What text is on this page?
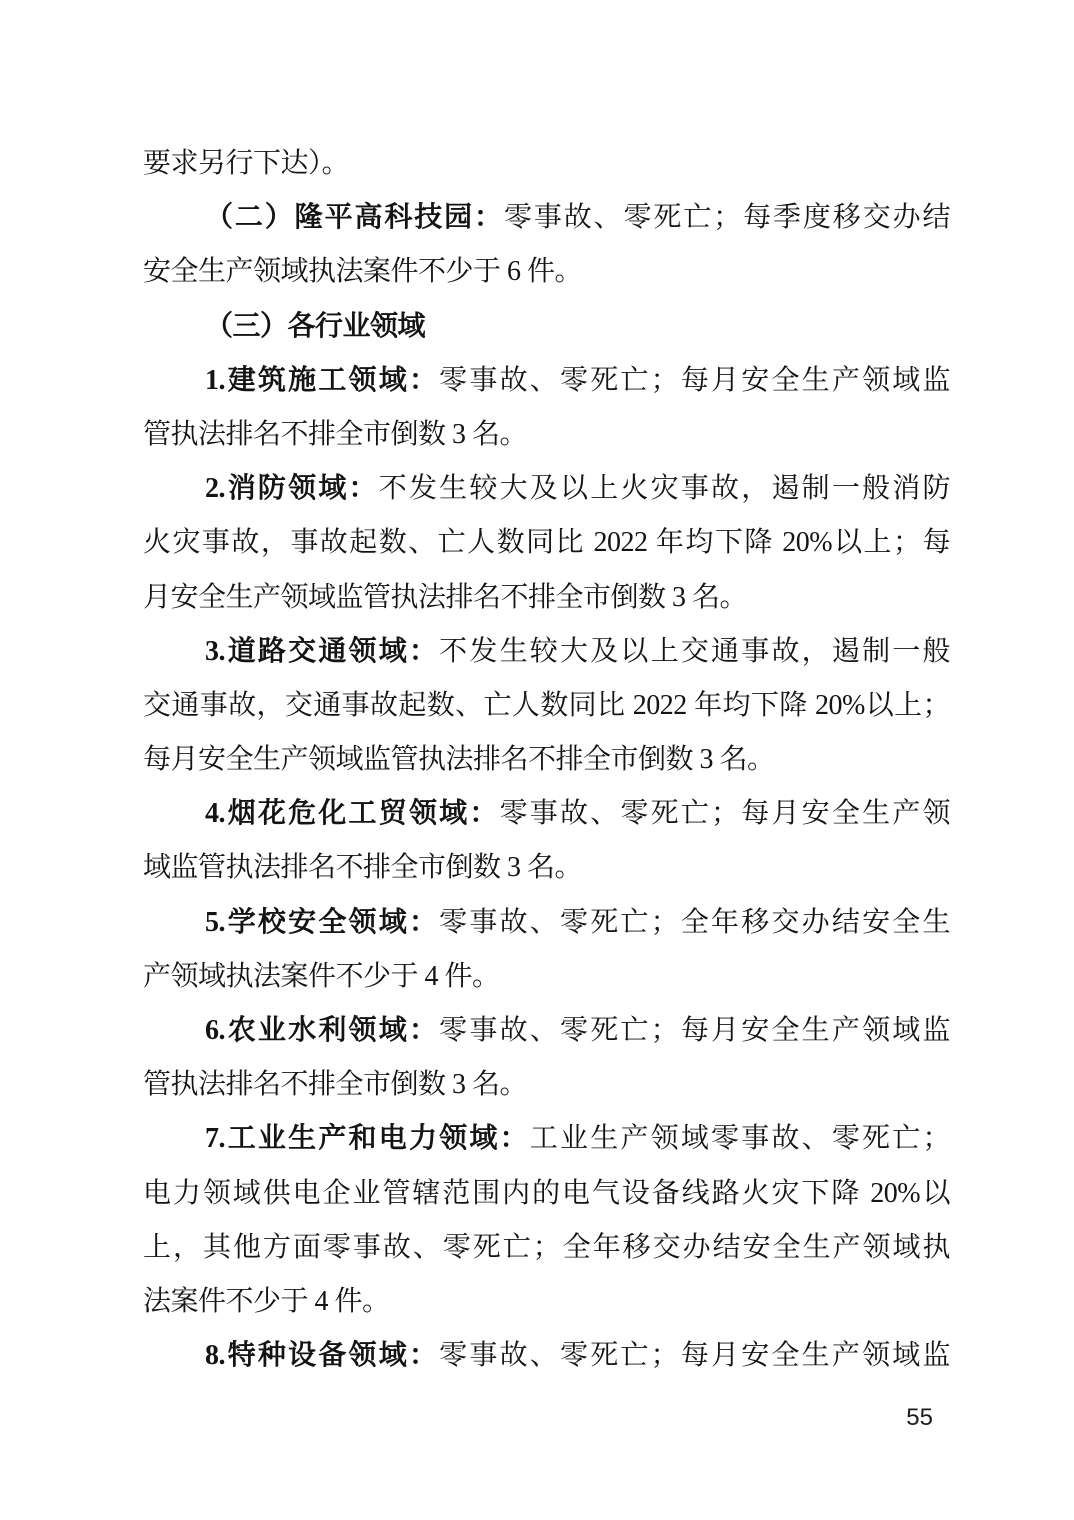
要求另行下达）。
（二）隆平高科技园：零事故、零死亡；每季度移交办结
安全生产领域执法案件不少于 6 件。
（三）各行业领域
1.建筑施工领域：零事故、零死亡；每月安全生产领域监
管执法排名不排全市倒数 3 名。
2.消防领域：不发生较大及以上火灾事故，遏制一般消防
火灾事故，事故起数、亡人数同比 2022 年均下降 20%以上；每
月安全生产领域监管执法排名不排全市倒数 3 名。
3.道路交通领域：不发生较大及以上交通事故，遏制一般
交通事故，交通事故起数、亡人数同比 2022 年均下降 20%以上；
每月安全生产领域监管执法排名不排全市倒数 3 名。
4.烟花危化工贸领域：零事故、零死亡；每月安全生产领
域监管执法排名不排全市倒数 3 名。
5.学校安全领域：零事故、零死亡；全年移交办结安全生
产领域执法案件不少于 4 件。
6.农业水利领域：零事故、零死亡；每月安全生产领域监
管执法排名不排全市倒数 3 名。
7.工业生产和电力领域：工业生产领域零事故、零死亡；
电力领域供电企业管辖范围内的电气设备线路火灾下降 20%以
上，其他方面零事故、零死亡；全年移交办结安全生产领域执
法案件不少于 4 件。
8.特种设备领域：零事故、零死亡；每月安全生产领域监
55
